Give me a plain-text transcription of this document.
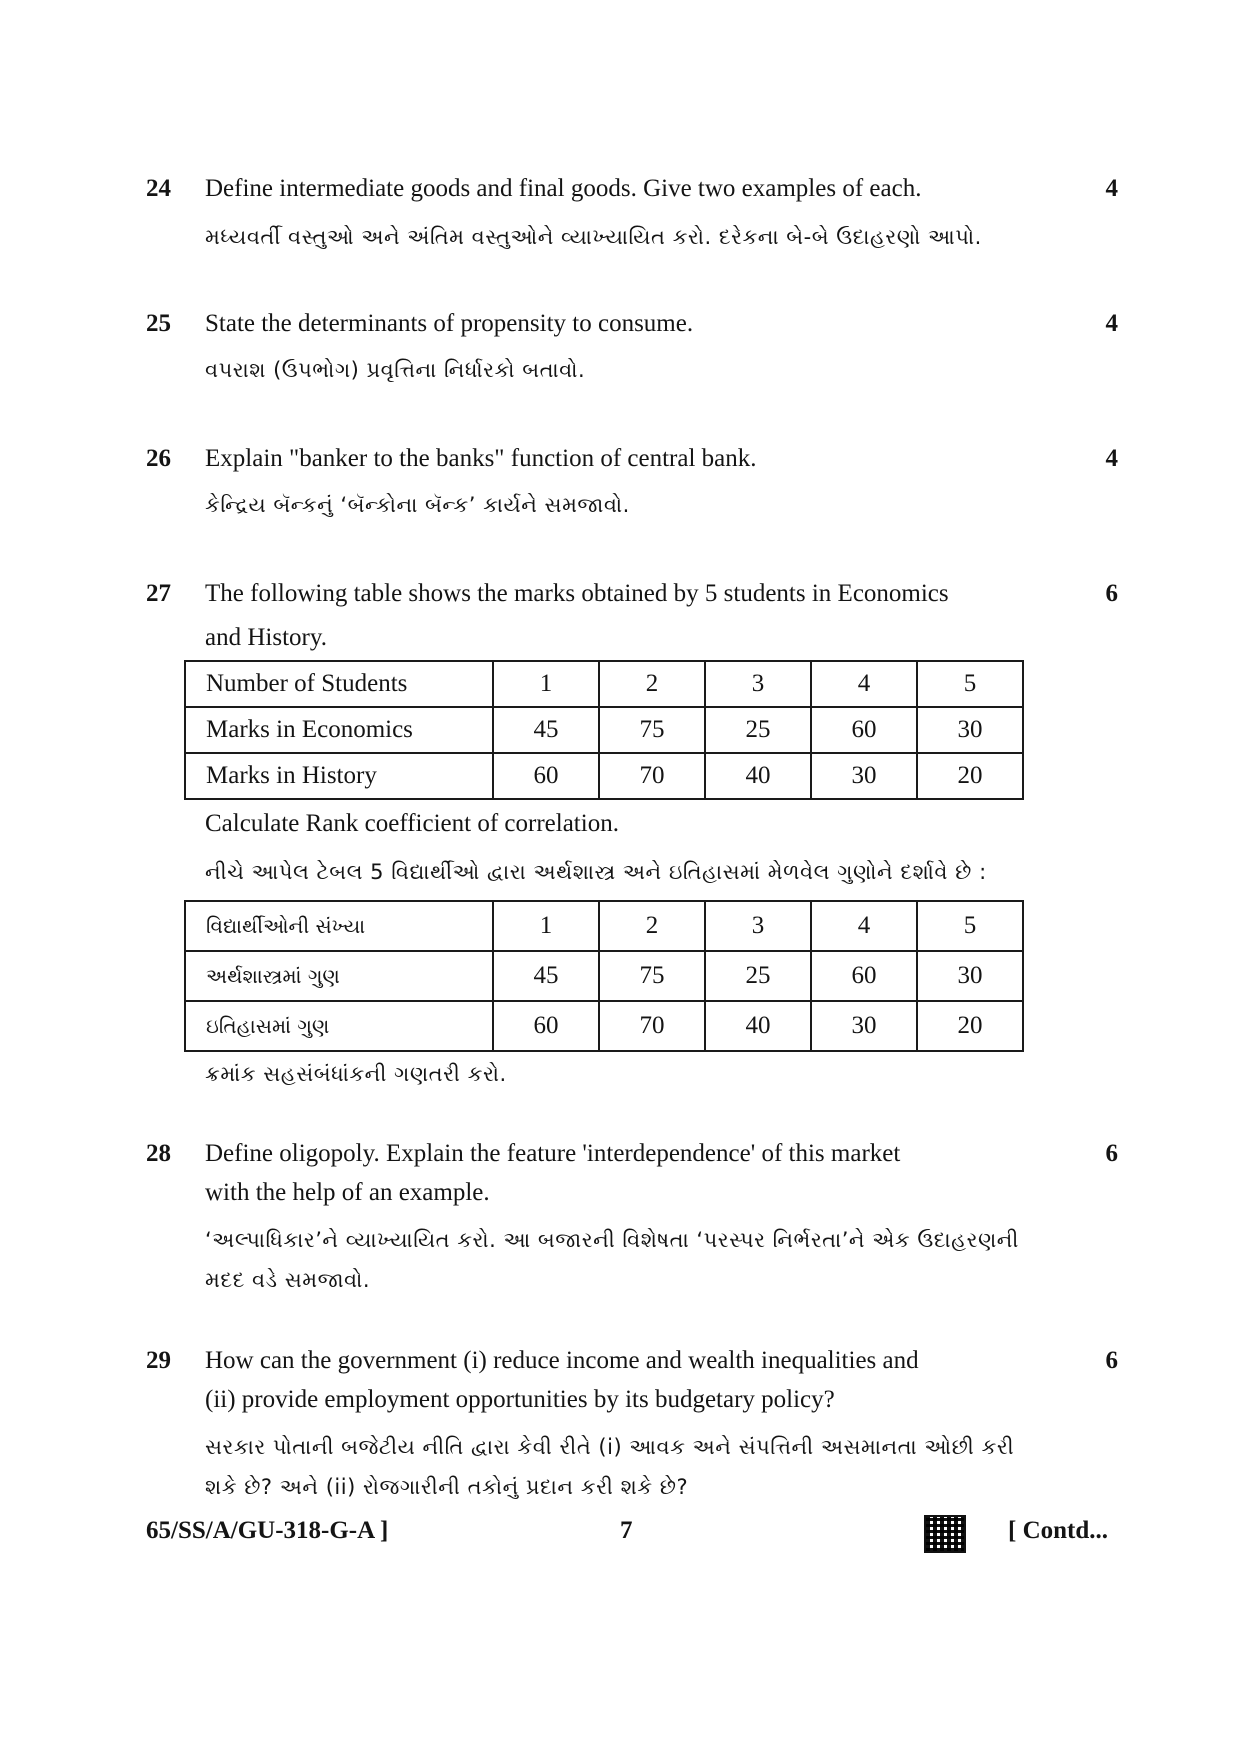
24	4
Define intermediate goods and final goods. Give two examples of each.
મધ્યવર્તી વસ્તુઓ અને અંતિમ વસ્તુઓને વ્યાખ્યાયિત કરો. દરેકના બે-બે ઉદાહરણો આપો.
25	4
State the determinants of propensity to consume.
વપરાશ (ઉપભોગ) પ્રવૃત્તિના નિર્ધારકો બતાવો.
26	4
Explain "banker to the banks" function of central bank.
કેન્દ્રિય બૅન્કનું ‘બૅન્કોના બૅન્ક’ કાર્યને સમજાવો.
27	6
The following table shows the marks obtained by 5 students in Economics
and History.
Number of Students	1	2	3	4	5
Marks in Economics	45	75	25	60	30
Marks in History	60	70	40	30	20
Calculate Rank coefficient of correlation.
નીચે આપેલ ટેબલ 5 વિદ્યાર્થીઓ દ્વારા અર્થશાસ્ત્ર અને ઇતિહાસમાં મેળવેલ ગુણોને દર્શાવે છે :
વિદ્યાર્થીઓની સંખ્યા	1	2	3	4	5
અર્થશાસ્ત્રમાં ગુણ	45	75	25	60	30
ઇતિહાસમાં ગુણ	60	70	40	30	20
ક્રમાંક સહસંબંધાંકની ગણતરી કરો.
28	6
Define oligopoly. Explain the feature 'interdependence' of this market
with the help of an example.
‘અલ્પાધિકાર’ને વ્યાખ્યાયિત કરો. આ બજારની વિશેષતા ‘પરસ્પર નિર્ભરતા’ને એક ઉદાહરણની
મદદ વડે સમજાવો.
29	6
How can the government (i) reduce income and wealth inequalities and
(ii) provide employment opportunities by its budgetary policy?
સરકાર પોતાની બજેટીય નીતિ દ્વારા કેવી રીતે (i) આવક અને સંપત્તિની અસમાનતા ઓછી કરી
શકે છે? અને (ii) રોજગારીની તકોનું પ્રદાન કરી શકે છે?
65/SS/A/GU-318-G-A ]	7	[ Contd...
